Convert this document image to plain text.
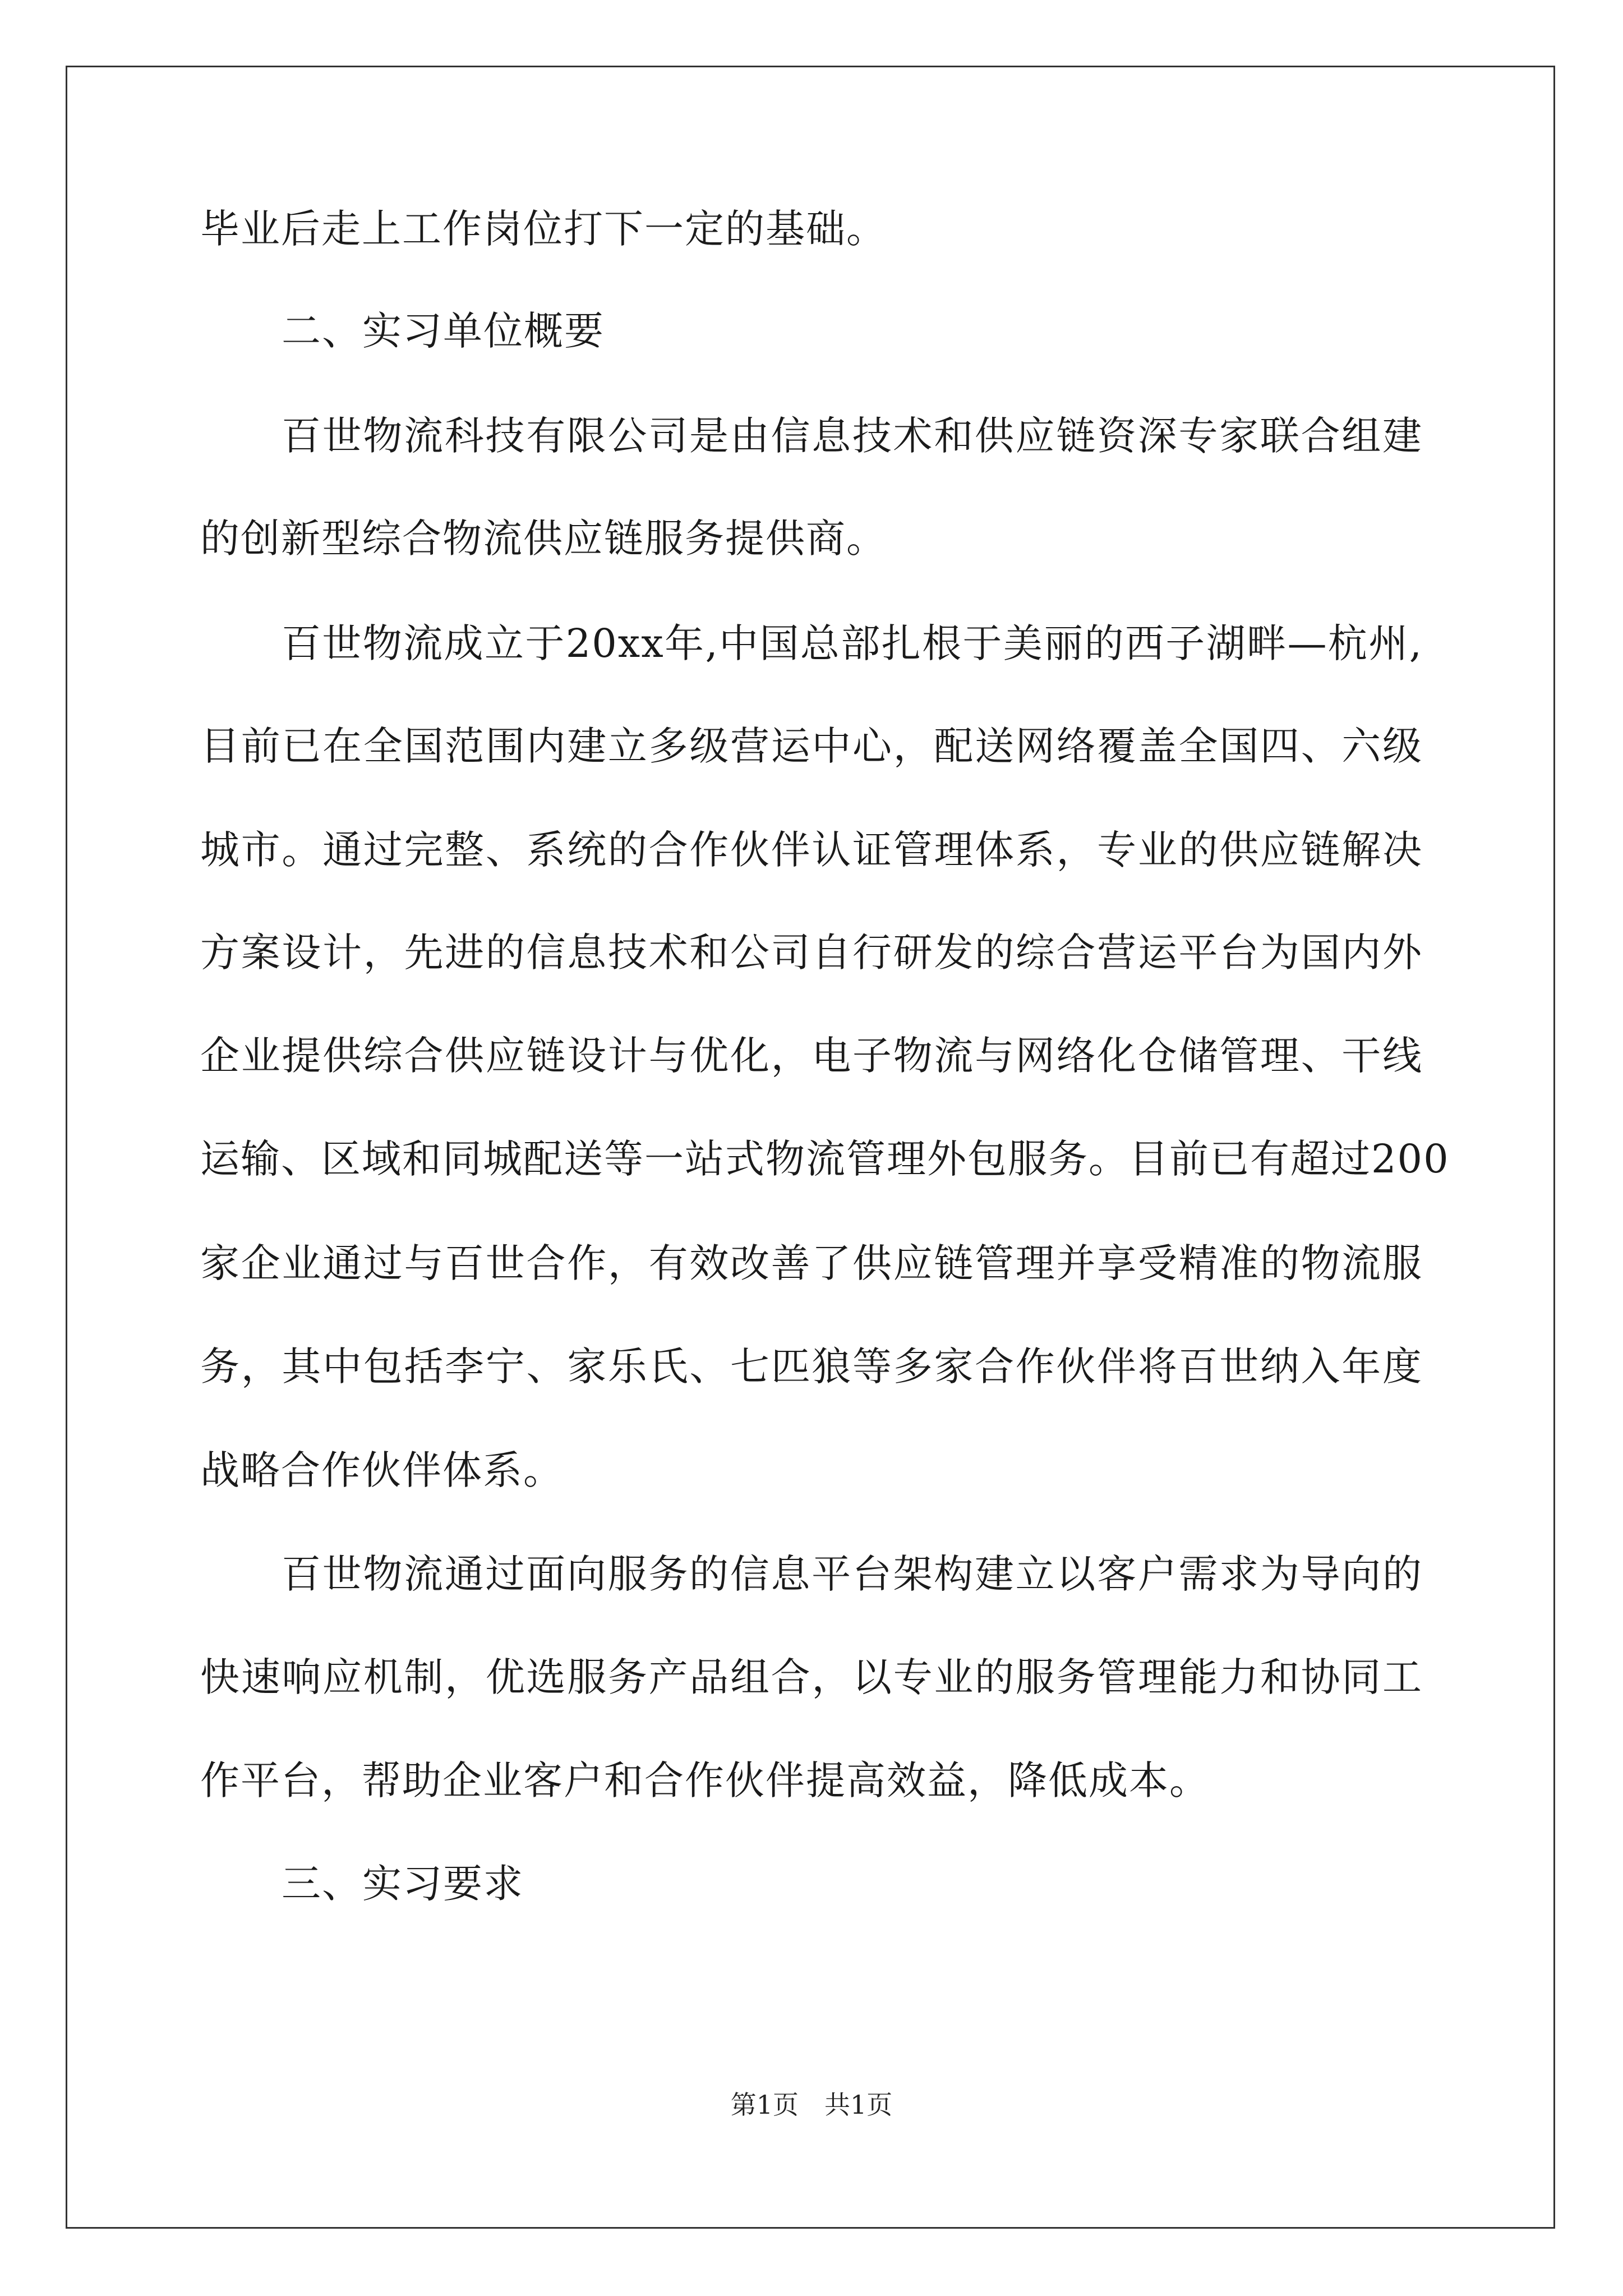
毕业后走上工作岗位打下一定的基础。
二、实习单位概要
百世物流科技有限公司是由信息技术和供应链资深专家联合组建
的创新型综合物流供应链服务提供商。
百世物流成立于20xx年,中国总部扎根于美丽的西子湖畔—杭州,
目前已在全国范围内建立多级营运中心，配送网络覆盖全国四、六级
城市。通过完整、系统的合作伙伴认证管理体系，专业的供应链解决
方案设计，先进的信息技术和公司自行研发的综合营运平台为国内外
企业提供综合供应链设计与优化，电子物流与网络化仓储管理、干线
运输、区域和同城配送等一站式物流管理外包服务。目前已有超过200
家企业通过与百世合作，有效改善了供应链管理并享受精准的物流服
务，其中包括李宁、家乐氏、七匹狼等多家合作伙伴将百世纳入年度
战略合作伙伴体系。
百世物流通过面向服务的信息平台架构建立以客户需求为导向的
快速响应机制，优选服务产品组合，以专业的服务管理能力和协同工
作平台，帮助企业客户和合作伙伴提高效益，降低成本。
三、实习要求
第1页　共1页
